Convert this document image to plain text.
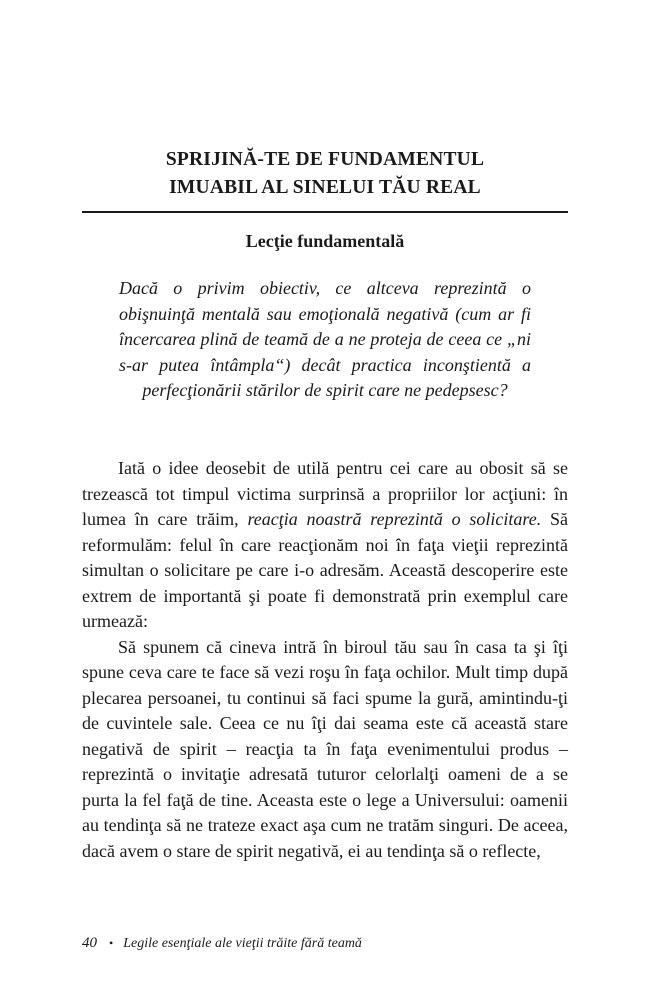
SPRIJINĂ-TE DE FUNDAMENTUL
IMUABIL AL SINELUI TĂU REAL
Lecţie fundamentală
Dacă o privim obiectiv, ce altceva reprezintă o obişnuinţă mentală sau emoţională negativă (cum ar fi încercarea plină de teamă de a ne proteja de ceea ce „ni s-ar putea întâmpla“) decât practica inconştientă a perfecţionării stărilor de spirit care ne pedepsesc?

Iată o idee deosebit de utilă pentru cei care au obosit să se trezească tot timpul victima surprinsă a propriilor lor acţiuni: în lumea în care trăim, reacţia noastră reprezintă o solicitare. Să reformulăm: felul în care reacţionăm noi în faţa vieţii reprezintă simultan o solicitare pe care i-o adresăm. Această descoperire este extrem de importantă şi poate fi demonstrată prin exemplul care urmează:

Să spunem că cineva intră în biroul tău sau în casa ta şi îţi spune ceva care te face să vezi roşu în faţa ochilor. Mult timp după plecarea persoanei, tu continui să faci spume la gură, amintindu-ţi de cuvintele sale. Ceea ce nu îţi dai seama este că această stare negativă de spirit – reacţia ta în faţa evenimentului produs – reprezintă o invitaţie adresată tuturor celorlalţi oameni de a se purta la fel faţă de tine. Aceasta este o lege a Universului: oamenii au tendinţa să ne trateze exact aşa cum ne tratăm singuri. De aceea, dacă avem o stare de spirit negativă, ei au tendinţa să o reflecte,

40 • Legile esenţiale ale vieţii trăite fără teamă
